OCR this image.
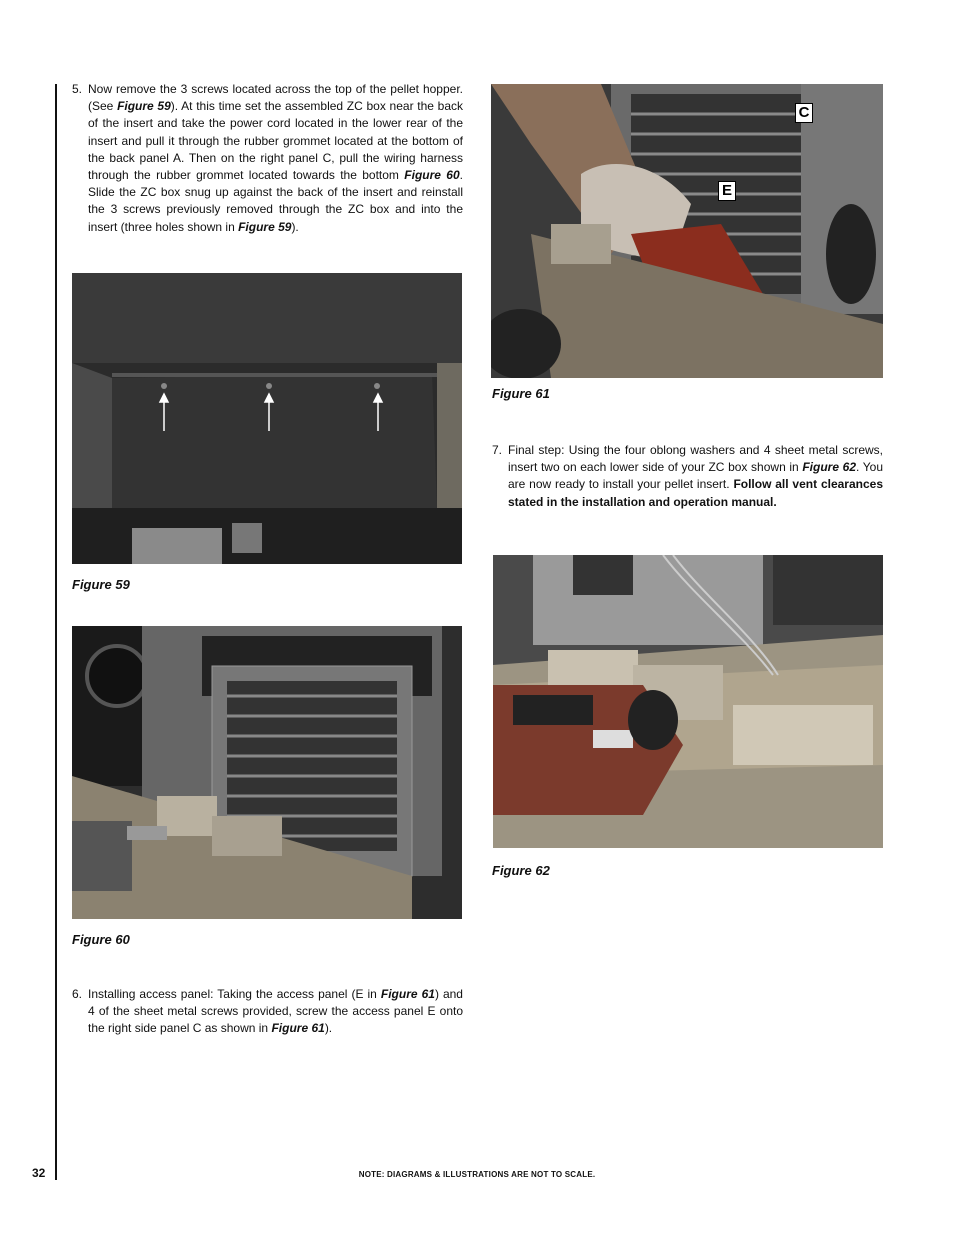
5. Now remove the 3 screws located across the top of the pellet hopper. (See Figure 59). At this time set the assembled ZC box near the back of the insert and take the power cord located in the lower rear of the insert and pull it through the rubber grommet located at the bottom of the back panel A. Then on the right panel C, pull the wiring harness through the rubber grommet located towards the bottom Figure 60. Slide the ZC box snug up against the back of the insert and reinstall the 3 screws previously removed through the ZC box and into the insert (three holes shown in Figure 59).
Figure 59
Figure 60
6. Installing access panel: Taking the access panel (E in Figure 61) and 4 of the sheet metal screws provided, screw the access panel E onto the right side panel C as shown in Figure 61).
C
E
Figure 61
7. Final step: Using the four oblong washers and 4 sheet metal screws, insert two on each lower side of your ZC box shown in Figure 62. You are now ready to install your pellet insert. Follow all vent clearances stated in the installation and operation manual.
Figure 62
32	NOTE: DIAGRAMS & ILLUSTRATIONS ARE NOT TO SCALE.
